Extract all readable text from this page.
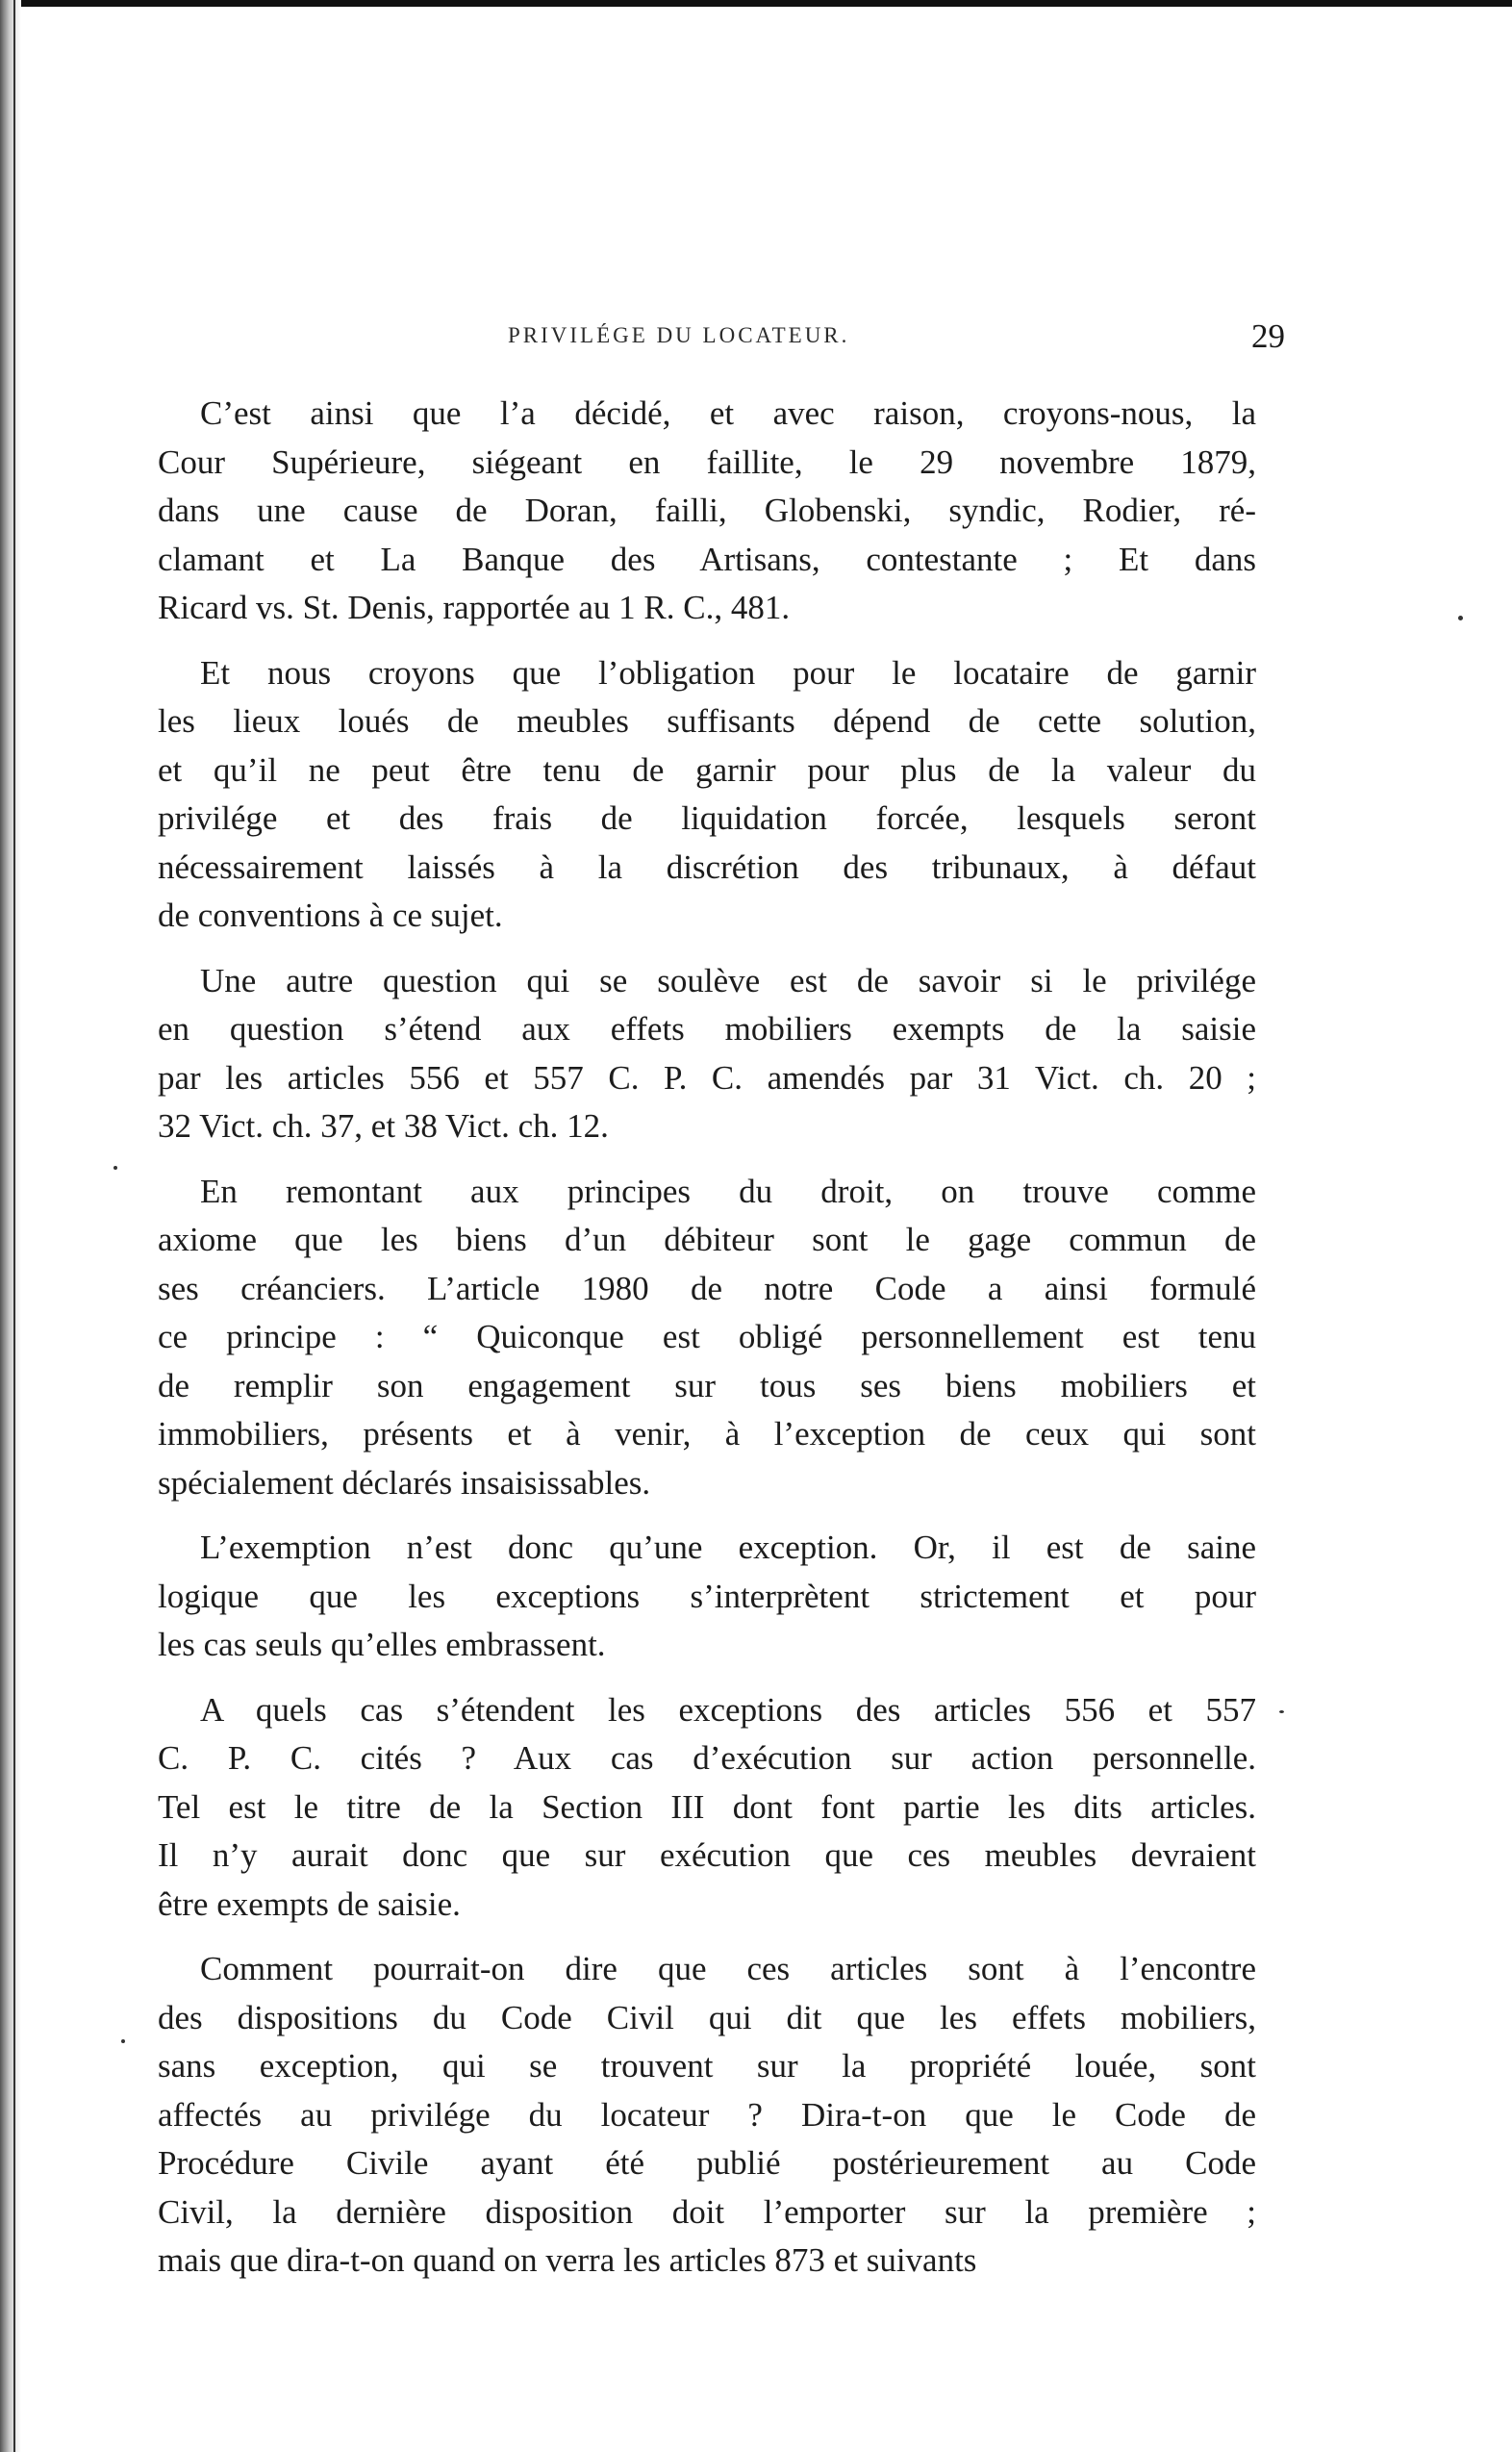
PRIVILÉGE DU LOCATEUR.	29
C’est ainsi que l’a décidé, et avec raison, croyons-nous, la
Cour Supérieure, siégeant en faillite, le 29 novembre 1879,
dans une cause de Doran, failli, Globenski, syndic, Rodier, ré-
clamant et La Banque des Artisans, contestante ; Et dans
Ricard vs. St. Denis, rapportée au 1 R. C., 481.
Et nous croyons que l’obligation pour le locataire de garnir
les lieux loués de meubles suffisants dépend de cette solution,
et qu’il ne peut être tenu de garnir pour plus de la valeur du
privilége et des frais de liquidation forcée, lesquels seront
nécessairement laissés à la discrétion des tribunaux, à défaut
de conventions à ce sujet.
Une autre question qui se soulève est de savoir si le privilége
en question s’étend aux effets mobiliers exempts de la saisie
par les articles 556 et 557 C. P. C. amendés par 31 Vict. ch. 20 ;
32 Vict. ch. 37, et 38 Vict. ch. 12.
En remontant aux principes du droit, on trouve comme
axiome que les biens d’un débiteur sont le gage commun de
ses créanciers. L’article 1980 de notre Code a ainsi formulé
ce principe : “ Quiconque est obligé personnellement est tenu
de remplir son engagement sur tous ses biens mobiliers et
immobiliers, présents et à venir, à l’exception de ceux qui sont
spécialement déclarés insaisissables.
L’exemption n’est donc qu’une exception. Or, il est de saine
logique que les exceptions s’interprètent strictement et pour
les cas seuls qu’elles embrassent.
A quels cas s’étendent les exceptions des articles 556 et 557
C. P. C. cités ? Aux cas d’exécution sur action personnelle.
Tel est le titre de la Section III dont font partie les dits articles.
Il n’y aurait donc que sur exécution que ces meubles devraient
être exempts de saisie.
Comment pourrait-on dire que ces articles sont à l’encontre
des dispositions du Code Civil qui dit que les effets mobiliers,
sans exception, qui se trouvent sur la propriété louée, sont
affectés au privilége du locateur ? Dira-t-on que le Code de
Procédure Civile ayant été publié postérieurement au Code
Civil, la dernière disposition doit l’emporter sur la première ;
mais que dira-t-on quand on verra les articles 873 et suivants
